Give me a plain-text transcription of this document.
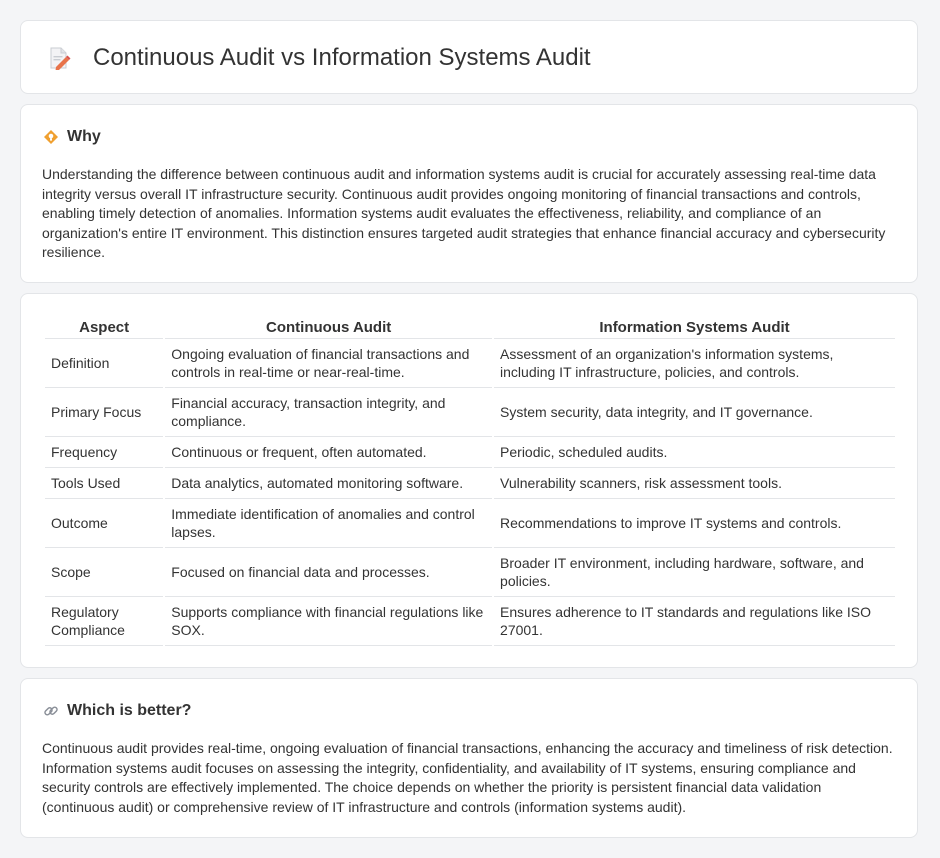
Continuous Audit vs Information Systems Audit
Why

Understanding the difference between continuous audit and information systems audit is crucial for accurately assessing real-time data integrity versus overall IT infrastructure security. Continuous audit provides ongoing monitoring of financial transactions and controls, enabling timely detection of anomalies. Information systems audit evaluates the effectiveness, reliability, and compliance of an organization's entire IT environment. This distinction ensures targeted audit strategies that enhance financial accuracy and cybersecurity resilience.

Aspect	Continuous Audit	Information Systems Audit
Definition	Ongoing evaluation of financial transactions and controls in real-time or near-real-time.	Assessment of an organization's information systems, including IT infrastructure, policies, and controls.
Primary Focus	Financial accuracy, transaction integrity, and compliance.	System security, data integrity, and IT governance.
Frequency	Continuous or frequent, often automated.	Periodic, scheduled audits.
Tools Used	Data analytics, automated monitoring software.	Vulnerability scanners, risk assessment tools.
Outcome	Immediate identification of anomalies and control lapses.	Recommendations to improve IT systems and controls.
Scope	Focused on financial data and processes.	Broader IT environment, including hardware, software, and policies.
Regulatory Compliance	Supports compliance with financial regulations like SOX.	Ensures adherence to IT standards and regulations like ISO 27001.
Which is better?

Continuous audit provides real-time, ongoing evaluation of financial transactions, enhancing the accuracy and timeliness of risk detection. Information systems audit focuses on assessing the integrity, confidentiality, and availability of IT systems, ensuring compliance and security controls are effectively implemented. The choice depends on whether the priority is persistent financial data validation (continuous audit) or comprehensive review of IT infrastructure and controls (information systems audit).
